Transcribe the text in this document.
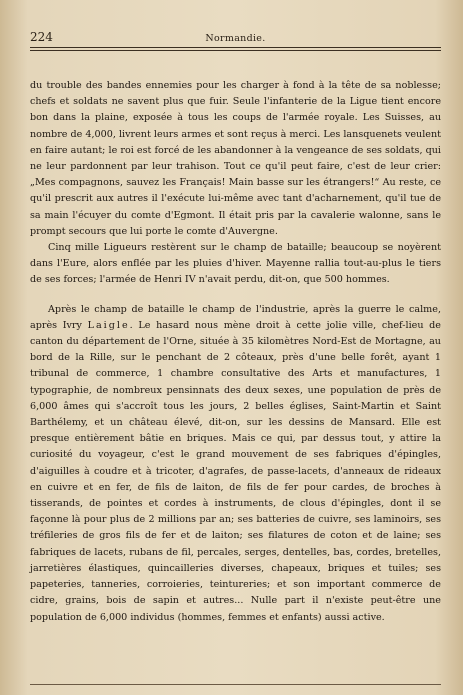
224	Normandie.

du trouble des bandes ennemies pour les charger à fond à la tête de sa noblesse; chefs et soldats ne savent plus que fuir. Seule l'infanterie de la Ligue tient encore bon dans la plaine, exposée à tous les coups de l'armée royale. Les Suisses, au nombre de 4,000, livrent leurs armes et sont reçus à merci. Les lansquenets veulent en faire autant; le roi est forcé de les abandonner à la vengeance de ses soldats, qui ne leur pardonnent par leur trahison. Tout ce qu'il peut faire, c'est de leur crier: „Mes compagnons, sauvez les Français! Main basse sur les étrangers!“ Au reste, ce qu'il prescrit aux autres il l'exécute lui-même avec tant d'acharnement, qu'il tue de sa main l'écuyer du comte d'Egmont. Il était pris par la cavalerie walonne, sans le prompt secours que lui porte le comte d'Auvergne.

Cinq mille Ligueurs restèrent sur le champ de bataille; beaucoup se noyèrent dans l'Eure, alors enflée par les pluies d'hiver. Mayenne rallia tout-au-plus le tiers de ses forces; l'armée de Henri IV n'avait perdu, dit-on, que 500 hommes.

Après le champ de bataille le champ de l'industrie, après la guerre le calme, après Ivry Laigle. Le hasard nous mène droit à cette jolie ville, chef-lieu de canton du département de l'Orne, située à 35 kilomètres Nord-Est de Mortagne, au bord de la Rille, sur le penchant de 2 côteaux, près d'une belle forêt, ayant 1 tribunal de commerce, 1 chambre consultative des Arts et manufactures, 1 typographie, de nombreux pensinnats des deux sexes, une population de près de 6,000 âmes qui s'accroît tous les jours, 2 belles églises, Saint-Martin et Saint Barthélemy, et un château élevé, dit-on, sur les dessins de Mansard. Elle est presque entièrement bâtie en briques. Mais ce qui, par dessus tout, y attire la curiosité du voyageur, c'est le grand mouvement de ses fabriques d'épingles, d'aiguilles à coudre et à tricoter, d'agrafes, de passe-lacets, d'anneaux de rideaux en cuivre et en fer, de fils de laiton, de fils de fer pour cardes, de broches à tisserands, de pointes et cordes à instruments, de clous d'épingles, dont il se façonne là pour plus de 2 millions par an; ses batteries de cuivre, ses laminoirs, ses tréfileries de gros fils de fer et de laiton; ses filatures de coton et de laine; ses fabriques de lacets, rubans de fil, percales, serges, dentelles, bas, cordes, bretelles, jarretières élastiques, quincailleries diverses, chapeaux, briques et tuiles; ses papeteries, tanneries, corroieries, teintureries; et son important commerce de cidre, grains, bois de sapin et autres... Nulle part il n'existe peut-être une population de 6,000 individus (hommes, femmes et enfants) aussi active.
